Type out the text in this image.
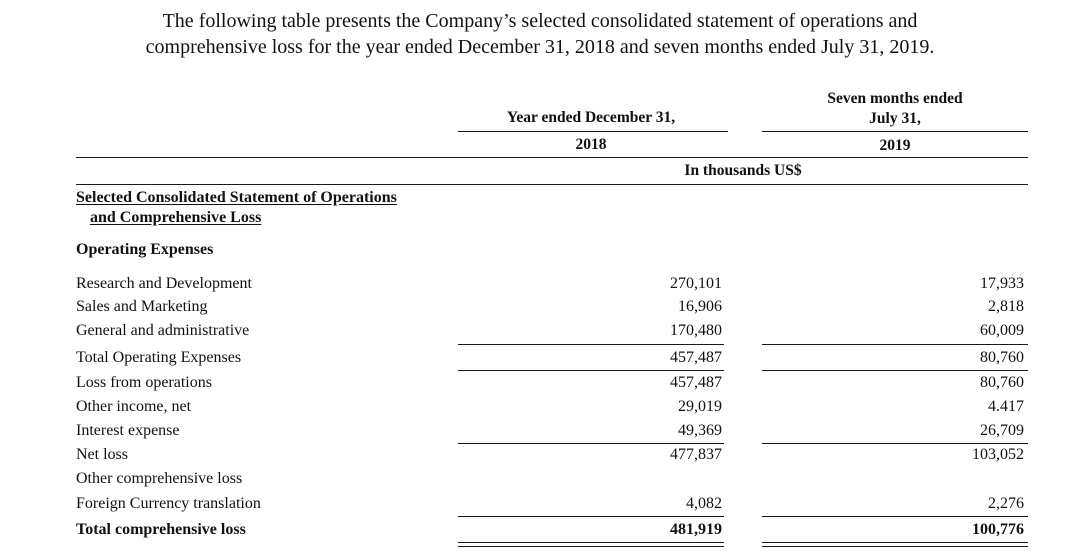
The following table presents the Company’s selected consolidated statement of operations and
comprehensive loss for the year ended December 31, 2018 and seven months ended July 31, 2019.
Year ended December 31,
Seven months ended
July 31,
2018	2019
In thousands US$
Selected Consolidated Statement of Operations
and Comprehensive Loss
Operating Expenses
Research and Development	270,101	17,933
Sales and Marketing	16,906	2,818
General and administrative	170,480	60,009
Total Operating Expenses	457,487	80,760
Loss from operations	457,487	80,760
Other income, net	29,019	4.417
Interest expense	49,369	26,709
Net loss	477,837	103,052
Other comprehensive loss
Foreign Currency translation	4,082	2,276
Total comprehensive loss	481,919	100,776
